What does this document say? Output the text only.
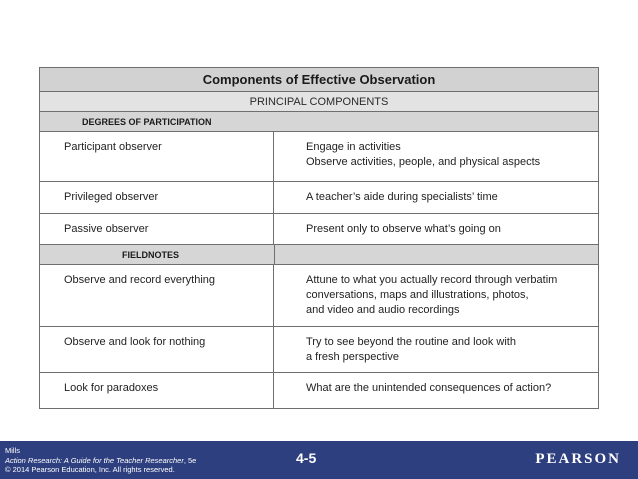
Components of Effective Observation
PRINCIPAL COMPONENTS
DEGREES OF PARTICIPATION
Participant observer	Engage in activities
Observe activities, people, and physical aspects
Privileged observer	A teacher’s aide during specialists’ time
Passive observer	Present only to observe what’s going on
FIELDNOTES
Observe and record everything	Attune to what you actually record through verbatim
conversations, maps and illustrations, photos,
and video and audio recordings
Observe and look for nothing	Try to see beyond the routine and look with
a fresh perspective
Look for paradoxes	What are the unintended consequences of action?
Mills
Action Research: A Guide for the Teacher Researcher, 5e
© 2014 Pearson Education, Inc. All rights reserved.
4-5	PEARSON
